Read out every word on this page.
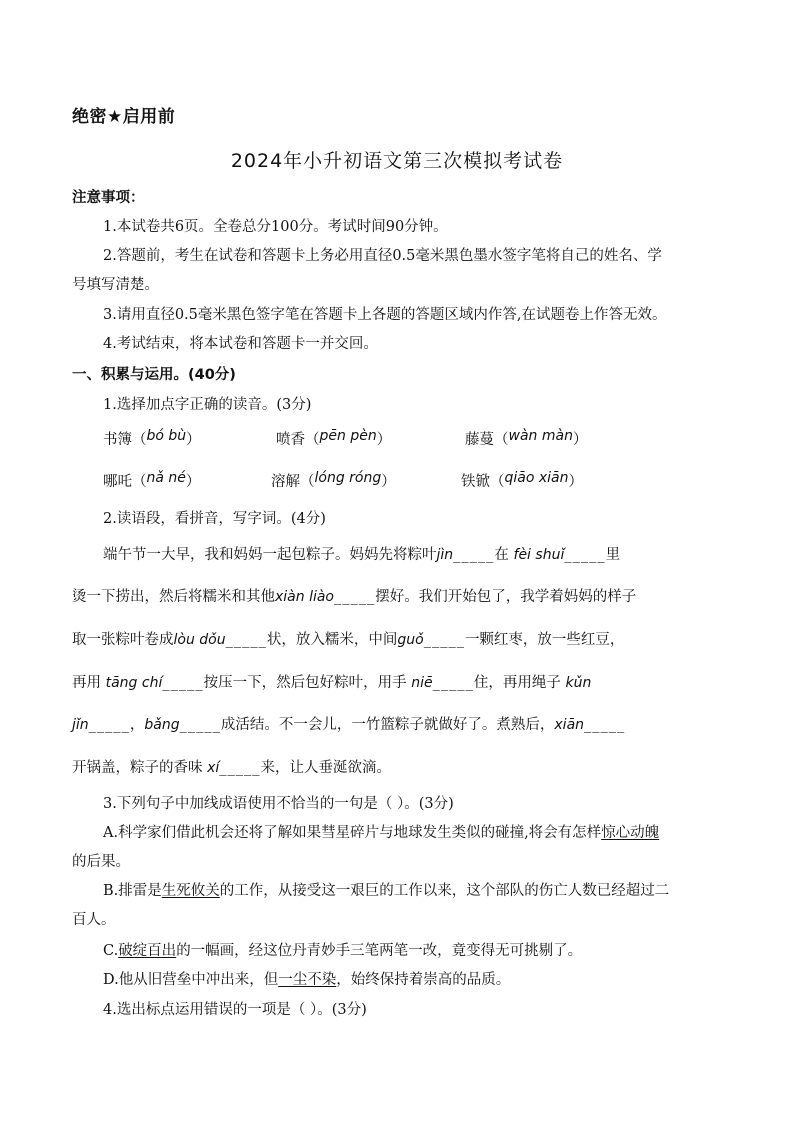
绝密★启用前
2024年小升初语文第三次模拟考试卷
注意事项：
1.本试卷共6页。全卷总分100分。考试时间90分钟。
2.答题前，考生在试卷和答题卡上务必用直径0.5毫米黑色墨水签字笔将自己的姓名、学
号填写清楚。
3.请用直径0.5毫米黑色签字笔在答题卡上各题的答题区域内作答,在试题卷上作答无效。
4.考试结束，将本试卷和答题卡一并交回。
一、积累与运用。(40分)
1.选择加点字正确的读音。(3分)
书簿（ bó bù ）	喷香（ pēn pèn ）	藤蔓（ wàn màn ）
哪吒（ nǎ né ）	溶解（ lóng róng ）	铁锨（ qiāo xiān ）
2.读语段，看拼音，写字词。(4分)
端午节一大早，我和妈妈一起包粽子。妈妈先将粽叶jìn_____在 fèi shuǐ_____里
烫一下捞出，然后将糯米和其他xiàn liào_____摆好。我们开始包了，我学着妈妈的样子
取一张粽叶卷成lòu dǒu_____状，放入糯米，中间guǒ_____一颗红枣，放一些红豆，
再用 tāng chí_____按压一下，然后包好粽叶，用手 niē_____住，再用绳子 kǔn
jǐn_____，bǎng_____成活结。不一会儿，一竹篮粽子就做好了。煮熟后，xiān_____
开锅盖，粽子的香味 xí_____来，让人垂涎欲滴。
3.下列句子中加线成语使用不恰当的一句是（ ）。(3分)
A.科学家们借此机会还将了解如果彗星碎片与地球发生类似的碰撞,将会有怎样惊心动魄
的后果。
B.排雷是生死攸关的工作，从接受这一艰巨的工作以来，这个部队的伤亡人数已经超过二
百人。
C.破绽百出的一幅画，经这位丹青妙手三笔两笔一改，竟变得无可挑剔了。
D.他从旧营垒中冲出来，但一尘不染，始终保持着崇高的品质。
4.选出标点运用错误的一项是（ ）。(3分)
